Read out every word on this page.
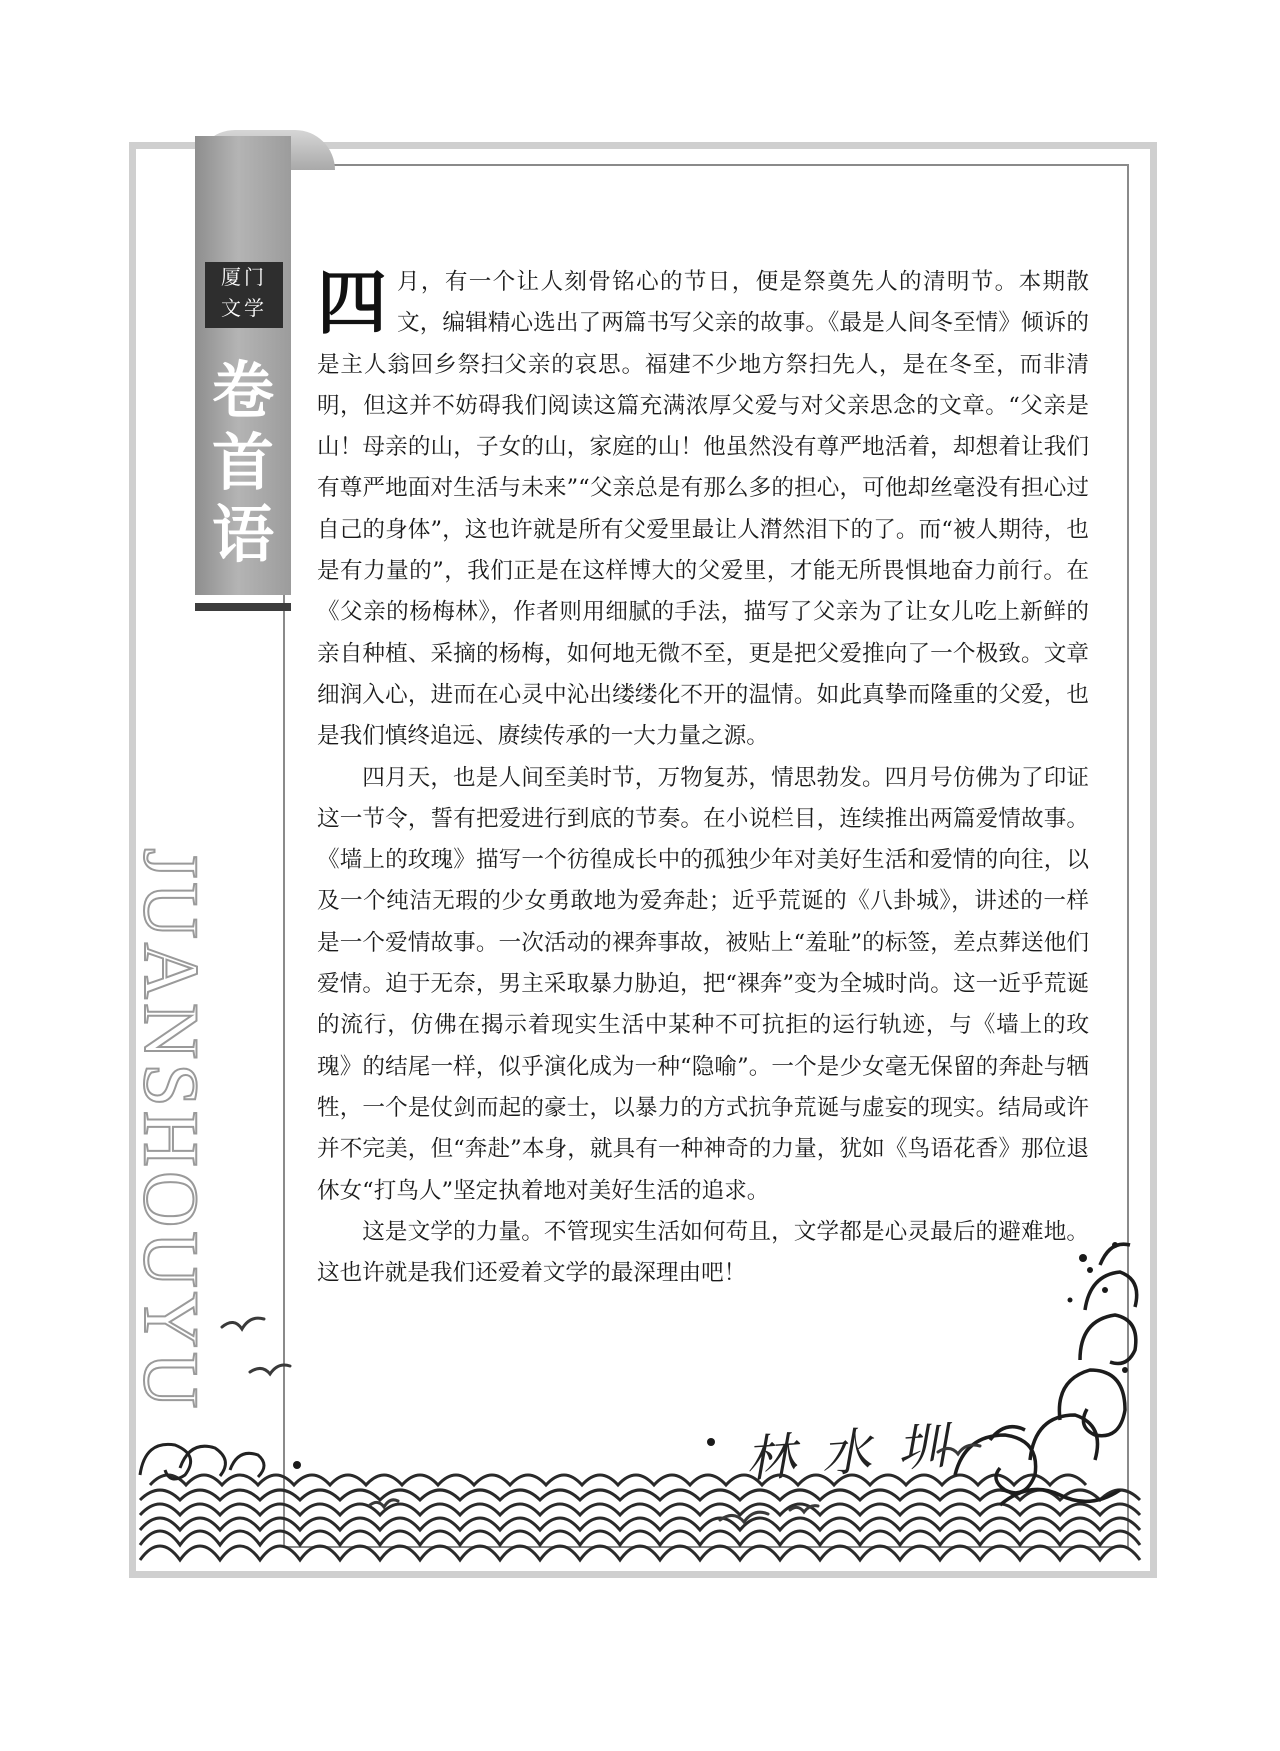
厦门
文学
卷
首
语
JUANSHOUYU

四 月，有一个让人刻骨铭心的节日，便是祭奠先人的清明节。本期散文，编辑精心选出了两篇书写父亲的故事。《最是人间冬至情》倾诉的是主人翁回乡祭扫父亲的哀思。福建不少地方祭扫先人，是在冬至，而非清明，但这并不妨碍我们阅读这篇充满浓厚父爱与对父亲思念的文章。“父亲是山！母亲的山，子女的山，家庭的山！他虽然没有尊严地活着，却想着让我们有尊严地面对生活与未来”“父亲总是有那么多的担心，可他却丝毫没有担心过自己的身体”，这也许就是所有父爱里最让人潸然泪下的了。而“被人期待，也是有力量的”，我们正是在这样博大的父爱里，才能无所畏惧地奋力前行。在《父亲的杨梅林》，作者则用细腻的手法，描写了父亲为了让女儿吃上新鲜的亲自种植、采摘的杨梅，如何地无微不至，更是把父爱推向了一个极致。文章细润入心，进而在心灵中沁出缕缕化不开的温情。如此真挚而隆重的父爱，也是我们慎终追远、赓续传承的一大力量之源。

四月天，也是人间至美时节，万物复苏，情思勃发。四月号仿佛为了印证这一节令，誓有把爱进行到底的节奏。在小说栏目，连续推出两篇爱情故事。《墙上的玫瑰》描写一个彷徨成长中的孤独少年对美好生活和爱情的向往，以及一个纯洁无瑕的少女勇敢地为爱奔赴；近乎荒诞的《八卦城》，讲述的一样是一个爱情故事。一次活动的裸奔事故，被贴上“羞耻”的标签，差点葬送他们爱情。迫于无奈，男主采取暴力胁迫，把“裸奔”变为全城时尚。这一近乎荒诞的流行，仿佛在揭示着现实生活中某种不可抗拒的运行轨迹，与《墙上的玫瑰》的结尾一样，似乎演化成为一种“隐喻”。一个是少女毫无保留的奔赴与牺牲，一个是仗剑而起的豪士，以暴力的方式抗争荒诞与虚妄的现实。结局或许并不完美，但“奔赴”本身，就具有一种神奇的力量，犹如《鸟语花香》那位退休女“打鸟人”坚定执着地对美好生活的追求。

这是文学的力量。不管现实生活如何苟且，文学都是心灵最后的避难地。这也许就是我们还爱着文学的最深理由吧！

林水圳
